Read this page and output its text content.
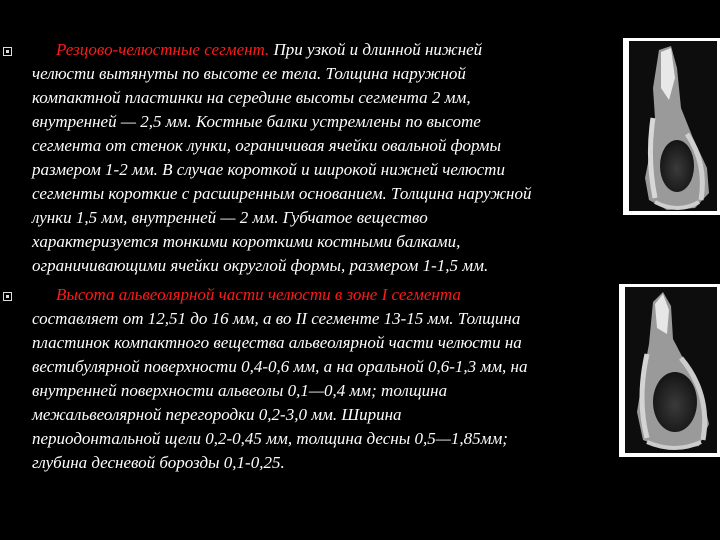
Резцово-челюстные сегмент. При узкой и длинной нижней
челюсти вытянуты по высоте ее тела. Толщина наружной
компактной пластинки на середине высоты сегмента 2 мм,
внутренней — 2,5 мм. Костные балки устремлены по высоте
сегмента от стенок лунки, ограничивая ячейки овальной формы
размером 1-2 мм. В случае короткой и широкой нижней челюсти
сегменты короткие с расширенным основанием. Толщина наружной
лунки 1,5 мм, внутренней — 2 мм. Губчатое вещество
характеризуется тонкими короткими костными балками,
ограничивающими ячейки округлой формы, размером 1-1,5 мм.
Высота альвеолярной части челюсти в зоне I сегмента
составляет от 12,51 до 16 мм, а во II сегменте 13-15 мм. Толщина
пластинок компактного вещества альвеолярной части челюсти на
вестибулярной поверхности 0,4-0,6 мм, а на оральной 0,6-1,3 мм, на
внутренней поверхности альвеолы 0,1—0,4 мм; толщина
межальвеолярной перегородки 0,2-3,0 мм. Ширина
периодонтальной щели 0,2-0,45 мм, толщина десны 0,5—1,85мм;
глубина десневой борозды 0,1-0,25.
